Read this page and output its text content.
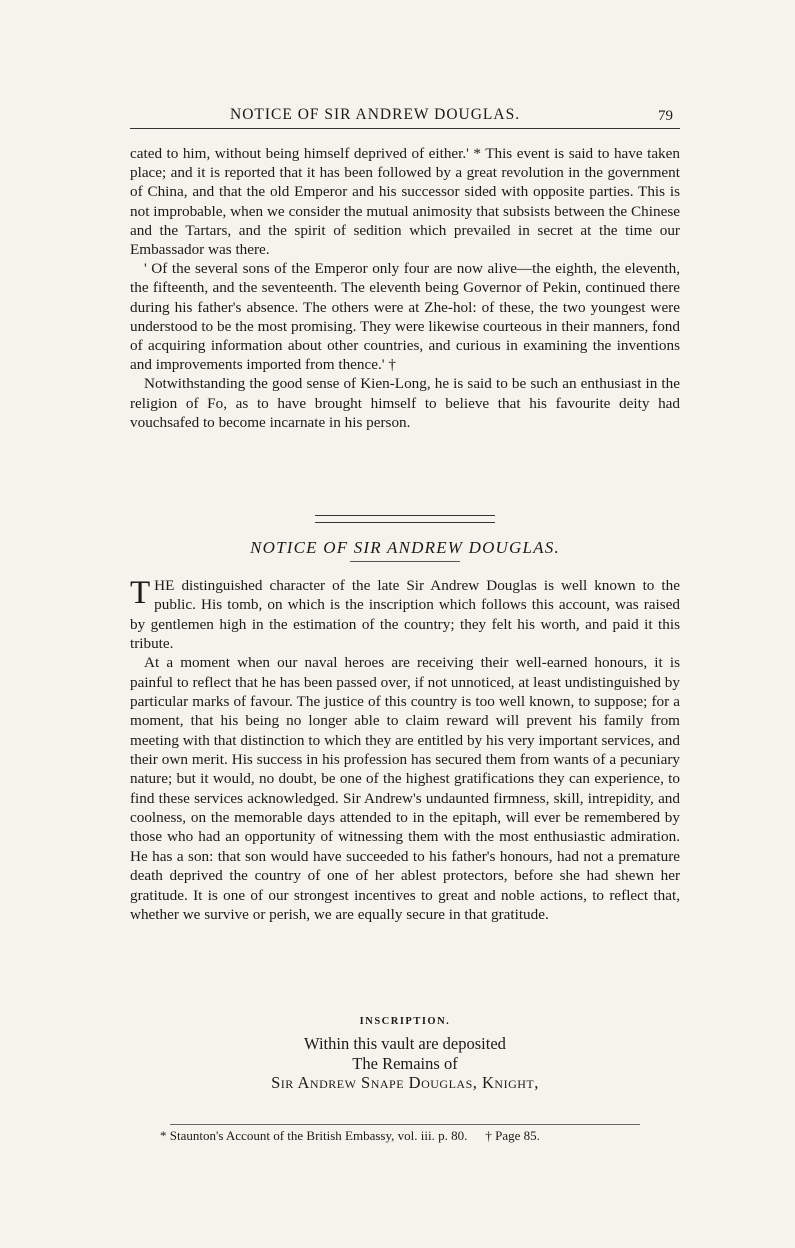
NOTICE OF SIR ANDREW DOUGLAS.	79

cated to him, without being himself deprived of either.' * This event is said to have taken place; and it is reported that it has been followed by a great revolution in the government of China, and that the old Emperor and his successor sided with opposite parties. This is not improbable, when we consider the mutual animosity that subsists between the Chinese and the Tartars, and the spirit of sedition which prevailed in secret at the time our Embassador was there.

' Of the several sons of the Emperor only four are now alive—the eighth, the eleventh, the fifteenth, and the seventeenth. The eleventh being Governor of Pekin, continued there during his father's absence. The others were at Zhe-hol: of these, the two youngest were understood to be the most promising. They were likewise courteous in their manners, fond of acquiring information about other countries, and curious in examining the inventions and improvements imported from thence.' †

Notwithstanding the good sense of Kien-Long, he is said to be such an enthusiast in the religion of Fo, as to have brought himself to believe that his favourite deity had vouchsafed to become incarnate in his person.

NOTICE OF SIR ANDREW DOUGLAS.

THE distinguished character of the late Sir Andrew Douglas is well known to the public. His tomb, on which is the inscription which follows this account, was raised by gentlemen high in the estimation of the country; they felt his worth, and paid it this tribute.

At a moment when our naval heroes are receiving their well-earned honours, it is painful to reflect that he has been passed over, if not unnoticed, at least undistinguished by particular marks of favour. The justice of this country is too well known, to suppose; for a moment, that his being no longer able to claim reward will prevent his family from meeting with that distinction to which they are entitled by his very important services, and their own merit. His success in his profession has secured them from wants of a pecuniary nature; but it would, no doubt, be one of the highest gratifications they can experience, to find these services acknowledged. Sir Andrew's undaunted firmness, skill, intrepidity, and coolness, on the memorable days attended to in the epitaph, will ever be remembered by those who had an opportunity of witnessing them with the most enthusiastic admiration. He has a son: that son would have succeeded to his father's honours, had not a premature death deprived the country of one of her ablest protectors, before she had shewn her gratitude. It is one of our strongest incentives to great and noble actions, to reflect that, whether we survive or perish, we are equally secure in that gratitude.

INSCRIPTION.
Within this vault are deposited
The Remains of
Sir Andrew Snape Douglas, Knight,
* Staunton's Account of the British Embassy, vol. iii. p. 80. † Page 85.
